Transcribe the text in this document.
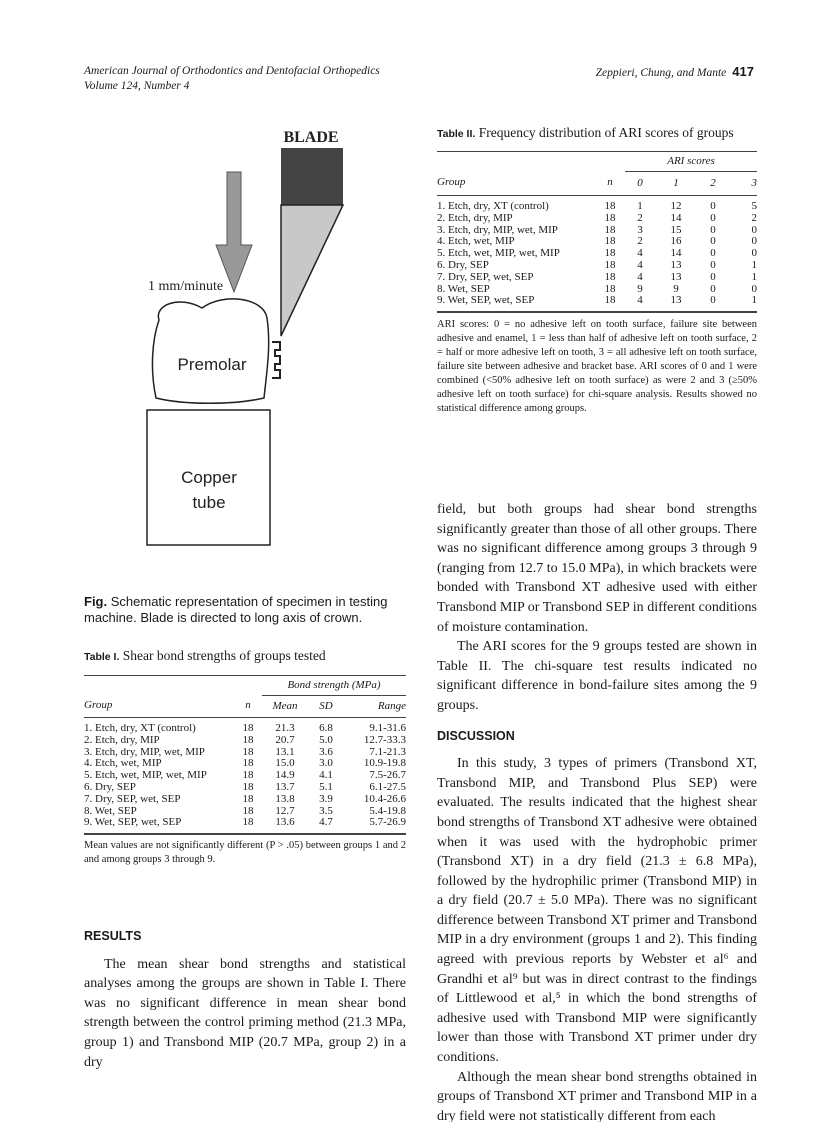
American Journal of Orthodontics and Dentofacial Orthopedics
Volume 124, Number 4
Zeppieri, Chung, and Mante 417
BLADE
1 mm/minute
Premolar
Copper
tube
Fig. Schematic representation of specimen in testing machine. Blade is directed to long axis of crown.
Table I. Shear bond strengths of groups tested
		Bond strength (MPa)		
Group	n	Mean	SD	Range
1. Etch, dry, XT (control)	18	21.3	6.8	9.1-31.6
2. Etch, dry, MIP	18	20.7	5.0	12.7-33.3
3. Etch, dry, MIP, wet, MIP	18	13.1	3.6	7.1-21.3
4. Etch, wet, MIP	18	15.0	3.0	10.9-19.8
5. Etch, wet, MIP, wet, MIP	18	14.9	4.1	7.5-26.7
6. Dry, SEP	18	13.7	5.1	6.1-27.5
7. Dry, SEP, wet, SEP	18	13.8	3.9	10.4-26.6
8. Wet, SEP	18	12.7	3.5	5.4-19.8
9. Wet, SEP, wet, SEP	18	13.6	4.7	5.7-26.9
Mean values are not significantly different (P > .05) between groups 1 and 2 and among groups 3 through 9.
RESULTS

The mean shear bond strengths and statistical analyses among the groups are shown in Table I. There was no significant difference in mean shear bond strength between the control priming method (21.3 MPa, group 1) and Transbond MIP (20.7 MPa, group 2) in a dry

Table II. Frequency distribution of ARI scores of groups
		ARI scores			
Group	n	0	1	2	3
1. Etch, dry, XT (control)	18	1	12	0	5
2. Etch, dry, MIP	18	2	14	0	2
3. Etch, dry, MIP, wet, MIP	18	3	15	0	0
4. Etch, wet, MIP	18	2	16	0	0
5. Etch, wet, MIP, wet, MIP	18	4	14	0	0
6. Dry, SEP	18	4	13	0	1
7. Dry, SEP, wet, SEP	18	4	13	0	1
8. Wet, SEP	18	9	9	0	0
9. Wet, SEP, wet, SEP	18	4	13	0	1
ARI scores: 0 = no adhesive left on tooth surface, failure site between adhesive and enamel, 1 = less than half of adhesive left on tooth surface, 2 = half or more adhesive left on tooth, 3 = all adhesive left on tooth surface, failure site between adhesive and bracket base. ARI scores of 0 and 1 were combined (<50% adhesive left on tooth surface) as were 2 and 3 (≥50% adhesive left on tooth surface) for chi-square analysis. Results showed no statistical difference among groups.

field, but both groups had shear bond strengths significantly greater than those of all other groups. There was no significant difference among groups 3 through 9 (ranging from 12.7 to 15.0 MPa), in which brackets were bonded with Transbond XT adhesive used with either Transbond MIP or Transbond SEP in different conditions of moisture contamination.

The ARI scores for the 9 groups tested are shown in Table II. The chi-square test results indicated no significant difference in bond-failure sites among the 9 groups.

DISCUSSION

In this study, 3 types of primers (Transbond XT, Transbond MIP, and Transbond Plus SEP) were evaluated. The results indicated that the highest shear bond strengths of Transbond XT adhesive were obtained when it was used with the hydrophobic primer (Transbond XT) in a dry field (21.3 ± 6.8 MPa), followed by the hydrophilic primer (Transbond MIP) in a dry field (20.7 ± 5.0 MPa). There was no significant difference between Transbond XT primer and Transbond MIP in a dry environment (groups 1 and 2). This finding agreed with previous reports by Webster et al⁶ and Grandhi et al⁹ but was in direct contrast to the findings of Littlewood et al,⁵ in which the bond strengths of adhesive used with Transbond MIP were significantly lower than those with Transbond XT primer under dry conditions.

Although the mean shear bond strengths obtained in groups of Transbond XT primer and Transbond MIP in a dry field were not statistically different from each
